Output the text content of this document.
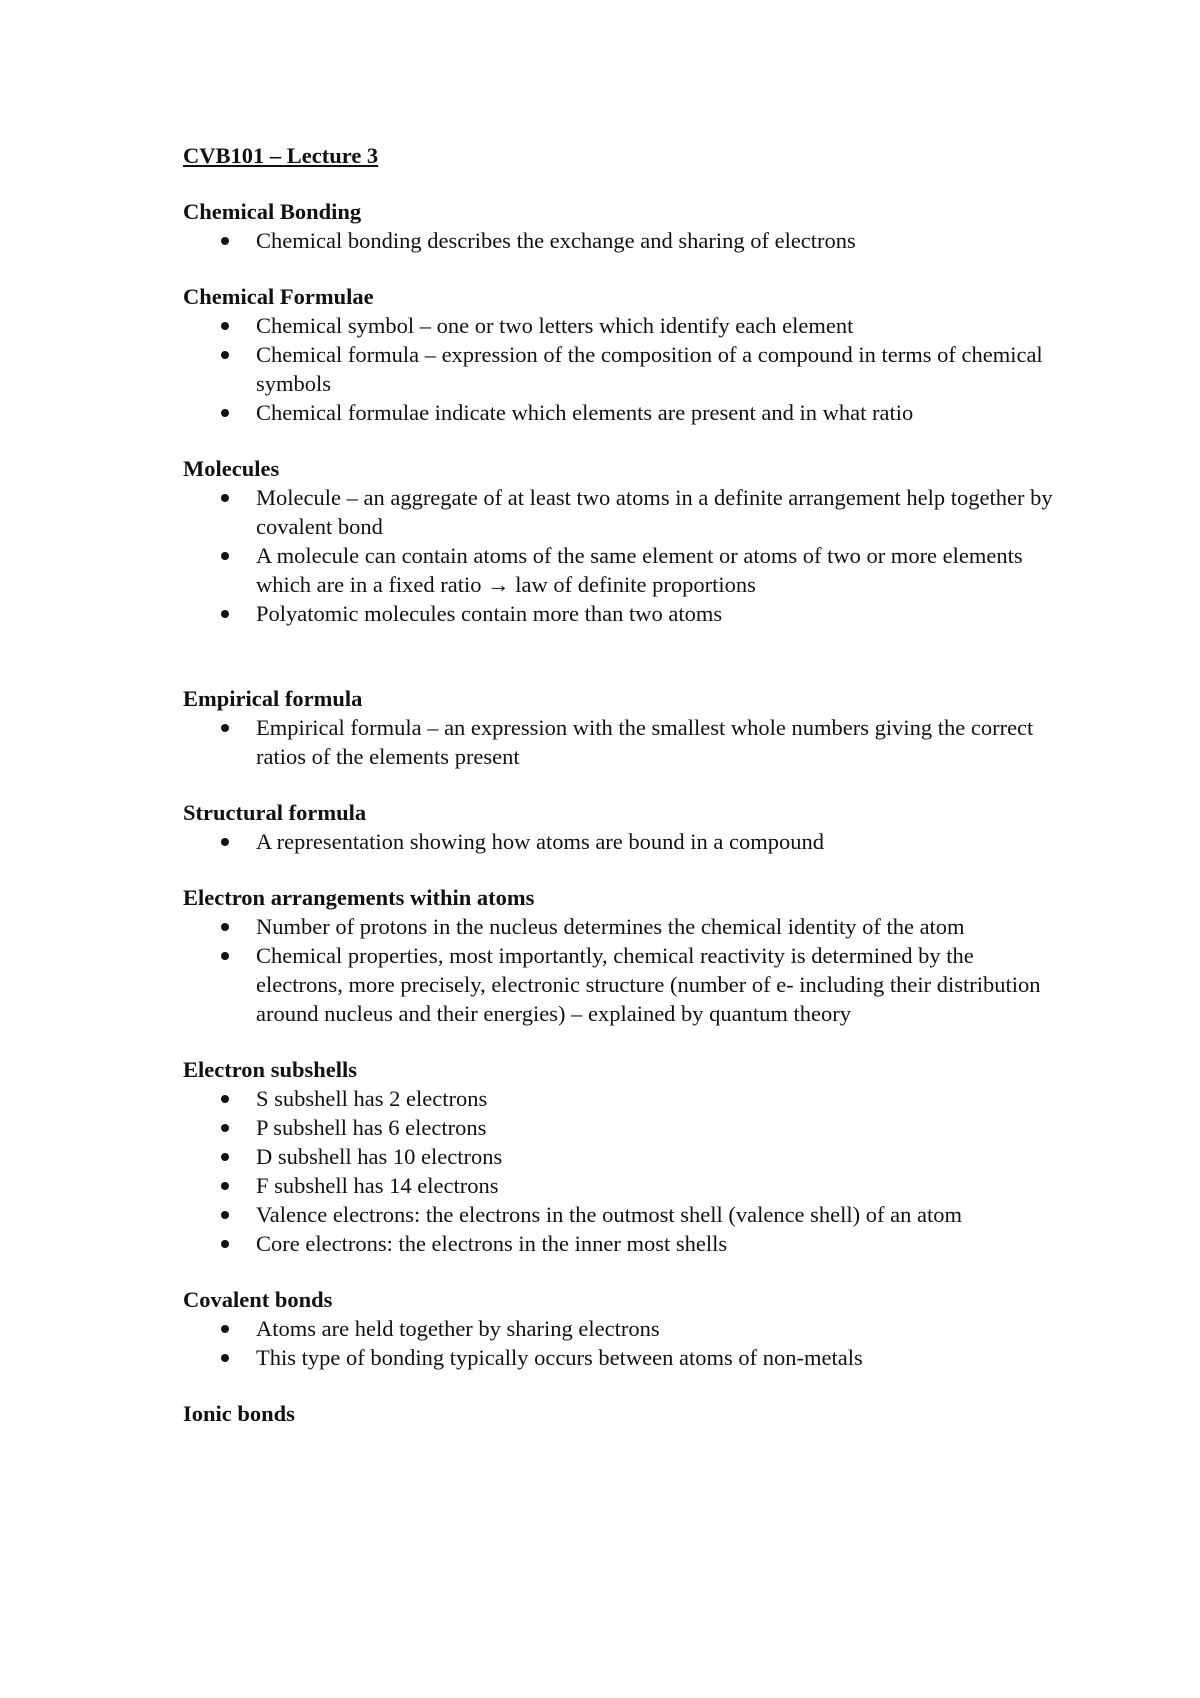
CVB101 – Lecture 3
Chemical Bonding
Chemical bonding describes the exchange and sharing of electrons
Chemical Formulae
Chemical symbol – one or two letters which identify each element
Chemical formula – expression of the composition of a compound in terms of chemical symbols
Chemical formulae indicate which elements are present and in what ratio
Molecules
Molecule – an aggregate of at least two atoms in a definite arrangement help together by covalent bond
A molecule can contain atoms of the same element or atoms of two or more elements which are in a fixed ratio → law of definite proportions
Polyatomic molecules contain more than two atoms
Empirical formula
Empirical formula – an expression with the smallest whole numbers giving the correct ratios of the elements present
Structural formula
A representation showing how atoms are bound in a compound
Electron arrangements within atoms
Number of protons in the nucleus determines the chemical identity of the atom
Chemical properties, most importantly, chemical reactivity is determined by the electrons, more precisely, electronic structure (number of e- including their distribution around nucleus and their energies) – explained by quantum theory
Electron subshells
S subshell has 2 electrons
P subshell has 6 electrons
D subshell has 10 electrons
F subshell has 14 electrons
Valence electrons: the electrons in the outmost shell (valence shell) of an atom
Core electrons: the electrons in the inner most shells
Covalent bonds
Atoms are held together by sharing electrons
This type of bonding typically occurs between atoms of non-metals
Ionic bonds
